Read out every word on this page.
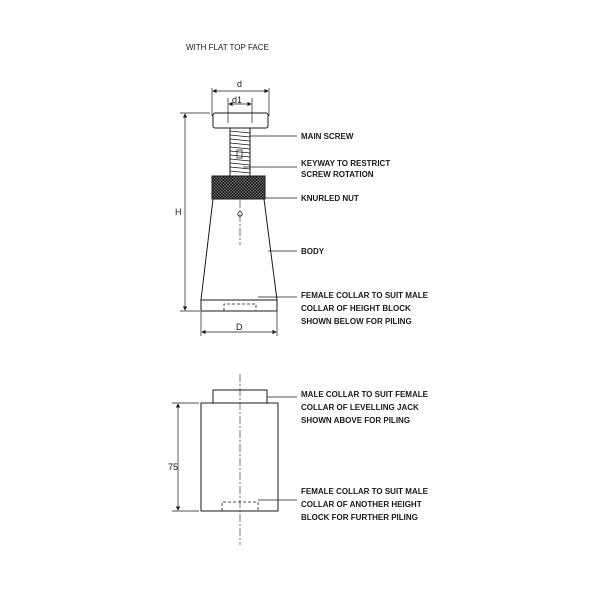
WITH FLAT TOP FACE
d
d1
H
D
MAIN SCREW
KEYWAY TO RESTRICT
SCREW ROTATION
KNURLED NUT
BODY
FEMALE COLLAR TO SUIT MALE
COLLAR OF HEIGHT BLOCK
SHOWN BELOW FOR PILING
75
MALE COLLAR TO SUIT FEMALE
COLLAR OF LEVELLING JACK
SHOWN ABOVE FOR PILING
FEMALE COLLAR TO SUIT MALE
COLLAR OF ANOTHER HEIGHT
BLOCK FOR FURTHER PILING
